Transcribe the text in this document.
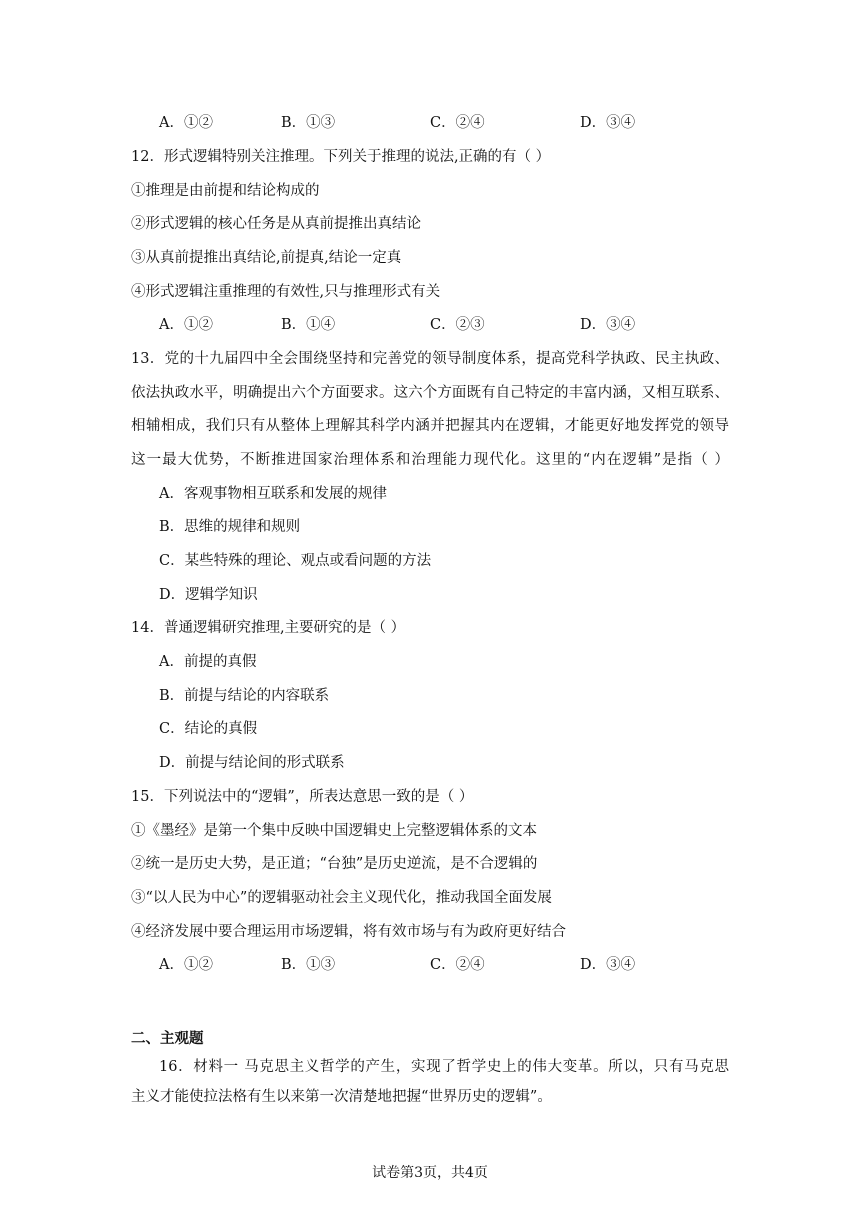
A．①②	B．①③	C．②④	D．③④
12．形式逻辑特别关注推理。下列关于推理的说法,正确的有（ ）
①推理是由前提和结论构成的
②形式逻辑的核心任务是从真前提推出真结论
③从真前提推出真结论,前提真,结论一定真
④形式逻辑注重推理的有效性,只与推理形式有关
A．①②	B．①④	C．②③	D．③④
13．党的十九届四中全会围绕坚持和完善党的领导制度体系，提高党科学执政、民主执政、
依法执政水平，明确提出六个方面要求。这六个方面既有自己特定的丰富内涵，又相互联系、
相辅相成，我们只有从整体上理解其科学内涵并把握其内在逻辑，才能更好地发挥党的领导
这一最大优势，不断推进国家治理体系和治理能力现代化。这里的“内在逻辑”是指（ ）
A．客观事物相互联系和发展的规律
B．思维的规律和规则
C．某些特殊的理论、观点或看问题的方法
D．逻辑学知识
14．普通逻辑研究推理,主要研究的是（ ）
A．前提的真假
B．前提与结论的内容联系
C．结论的真假
D．前提与结论间的形式联系
15．下列说法中的“逻辑”，所表达意思一致的是（ ）
①《墨经》是第一个集中反映中国逻辑史上完整逻辑体系的文本
②统一是历史大势，是正道；“台独”是历史逆流，是不合逻辑的
③“以人民为中心”的逻辑驱动社会主义现代化，推动我国全面发展
④经济发展中要合理运用市场逻辑，将有效市场与有为政府更好结合
A．①②	B．①③	C．②④	D．③④
二、主观题
16．材料一 马克思主义哲学的产生，实现了哲学史上的伟大变革。所以，只有马克思
主义才能使拉法格有生以来第一次清楚地把握“世界历史的逻辑”。
试卷第3页，共4页
